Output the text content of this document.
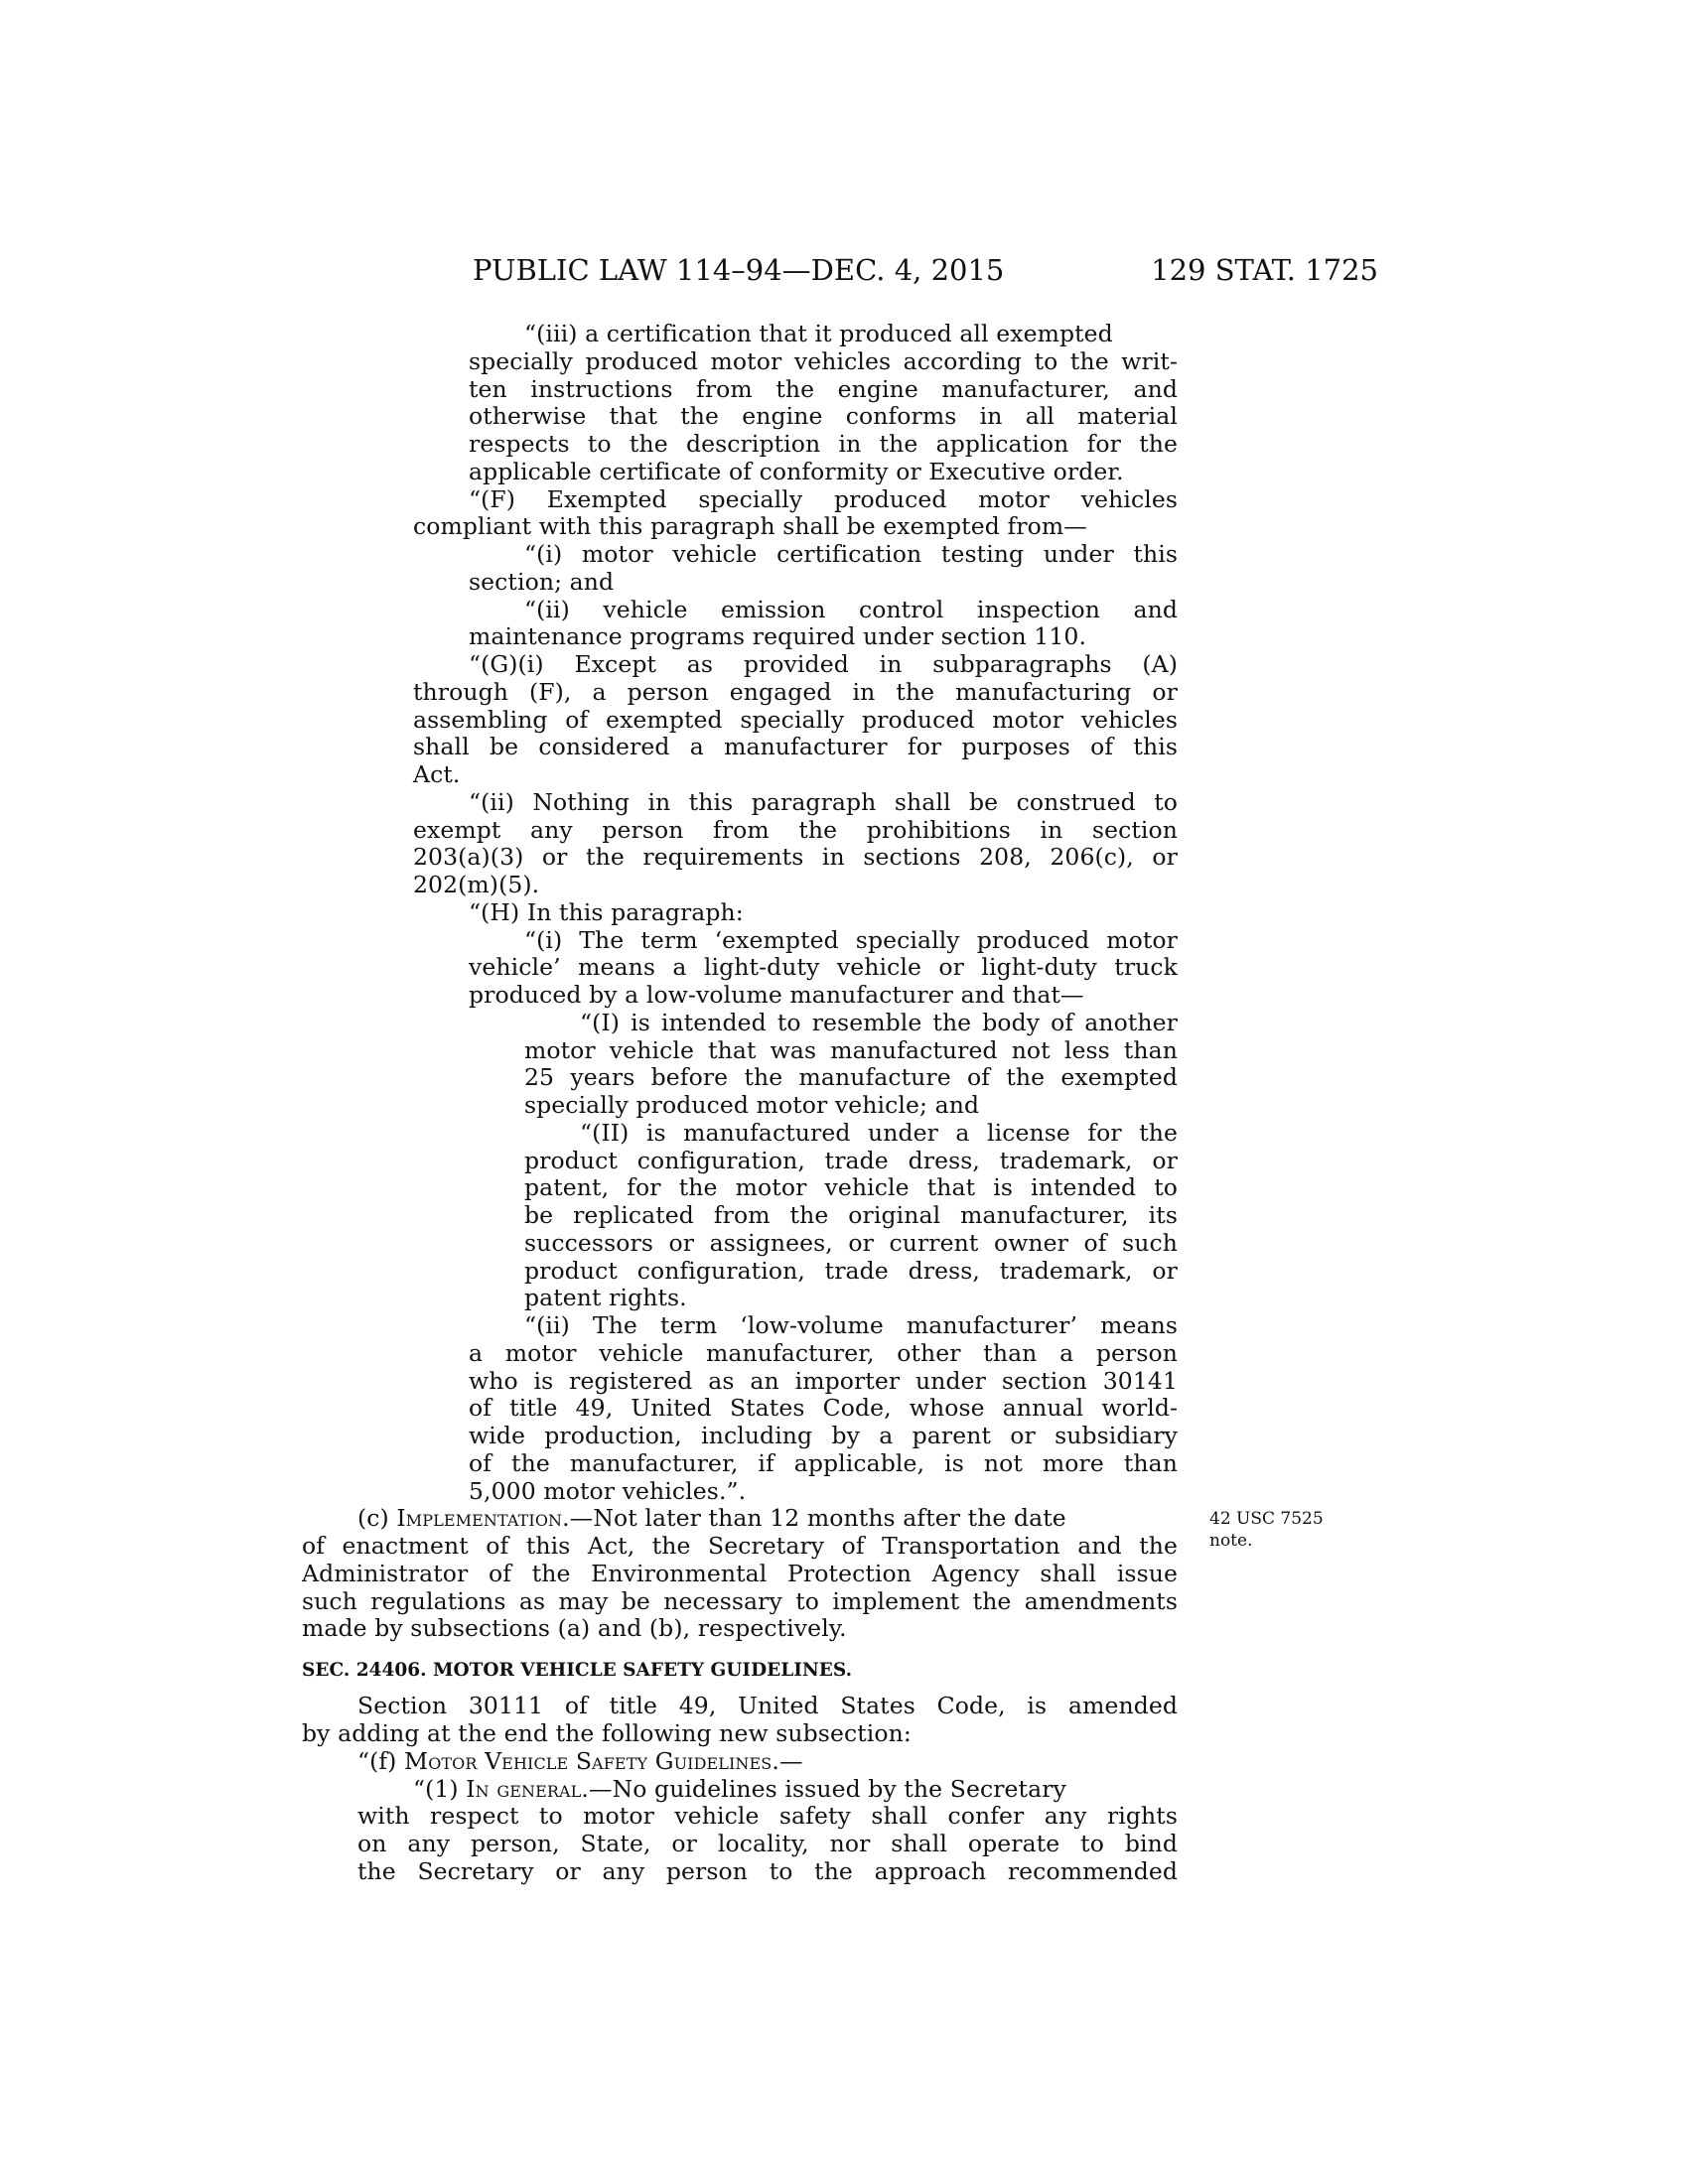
PUBLIC LAW 114–94—DEC. 4, 2015	129 STAT. 1725
“(iii) a certification that it produced all exempted
specially produced motor vehicles according to the writ-
ten instructions from the engine manufacturer, and
otherwise that the engine conforms in all material
respects to the description in the application for the
applicable certificate of conformity or Executive order.
“(F) Exempted specially produced motor vehicles
compliant with this paragraph shall be exempted from—
“(i) motor vehicle certification testing under this
section; and
“(ii) vehicle emission control inspection and
maintenance programs required under section 110.
“(G)(i) Except as provided in subparagraphs (A)
through (F), a person engaged in the manufacturing or
assembling of exempted specially produced motor vehicles
shall be considered a manufacturer for purposes of this
Act.
“(ii) Nothing in this paragraph shall be construed to
exempt any person from the prohibitions in section
203(a)(3) or the requirements in sections 208, 206(c), or
202(m)(5).
“(H) In this paragraph:
“(i) The term ‘exempted specially produced motor
vehicle’ means a light-duty vehicle or light-duty truck
produced by a low-volume manufacturer and that—
“(I) is intended to resemble the body of another
motor vehicle that was manufactured not less than
25 years before the manufacture of the exempted
specially produced motor vehicle; and
“(II) is manufactured under a license for the
product configuration, trade dress, trademark, or
patent, for the motor vehicle that is intended to
be replicated from the original manufacturer, its
successors or assignees, or current owner of such
product configuration, trade dress, trademark, or
patent rights.
“(ii) The term ‘low-volume manufacturer’ means
a motor vehicle manufacturer, other than a person
who is registered as an importer under section 30141
of title 49, United States Code, whose annual world-
wide production, including by a parent or subsidiary
of the manufacturer, if applicable, is not more than
5,000 motor vehicles.”.
(c) Implementation.—Not later than 12 months after the date
of enactment of this Act, the Secretary of Transportation and the
Administrator of the Environmental Protection Agency shall issue
such regulations as may be necessary to implement the amendments
made by subsections (a) and (b), respectively.
42 USC 7525
note.
SEC. 24406. MOTOR VEHICLE SAFETY GUIDELINES.
Section 30111 of title 49, United States Code, is amended
by adding at the end the following new subsection:
“(f) Motor Vehicle Safety Guidelines.—
“(1) In general.—No guidelines issued by the Secretary
with respect to motor vehicle safety shall confer any rights
on any person, State, or locality, nor shall operate to bind
the Secretary or any person to the approach recommended
